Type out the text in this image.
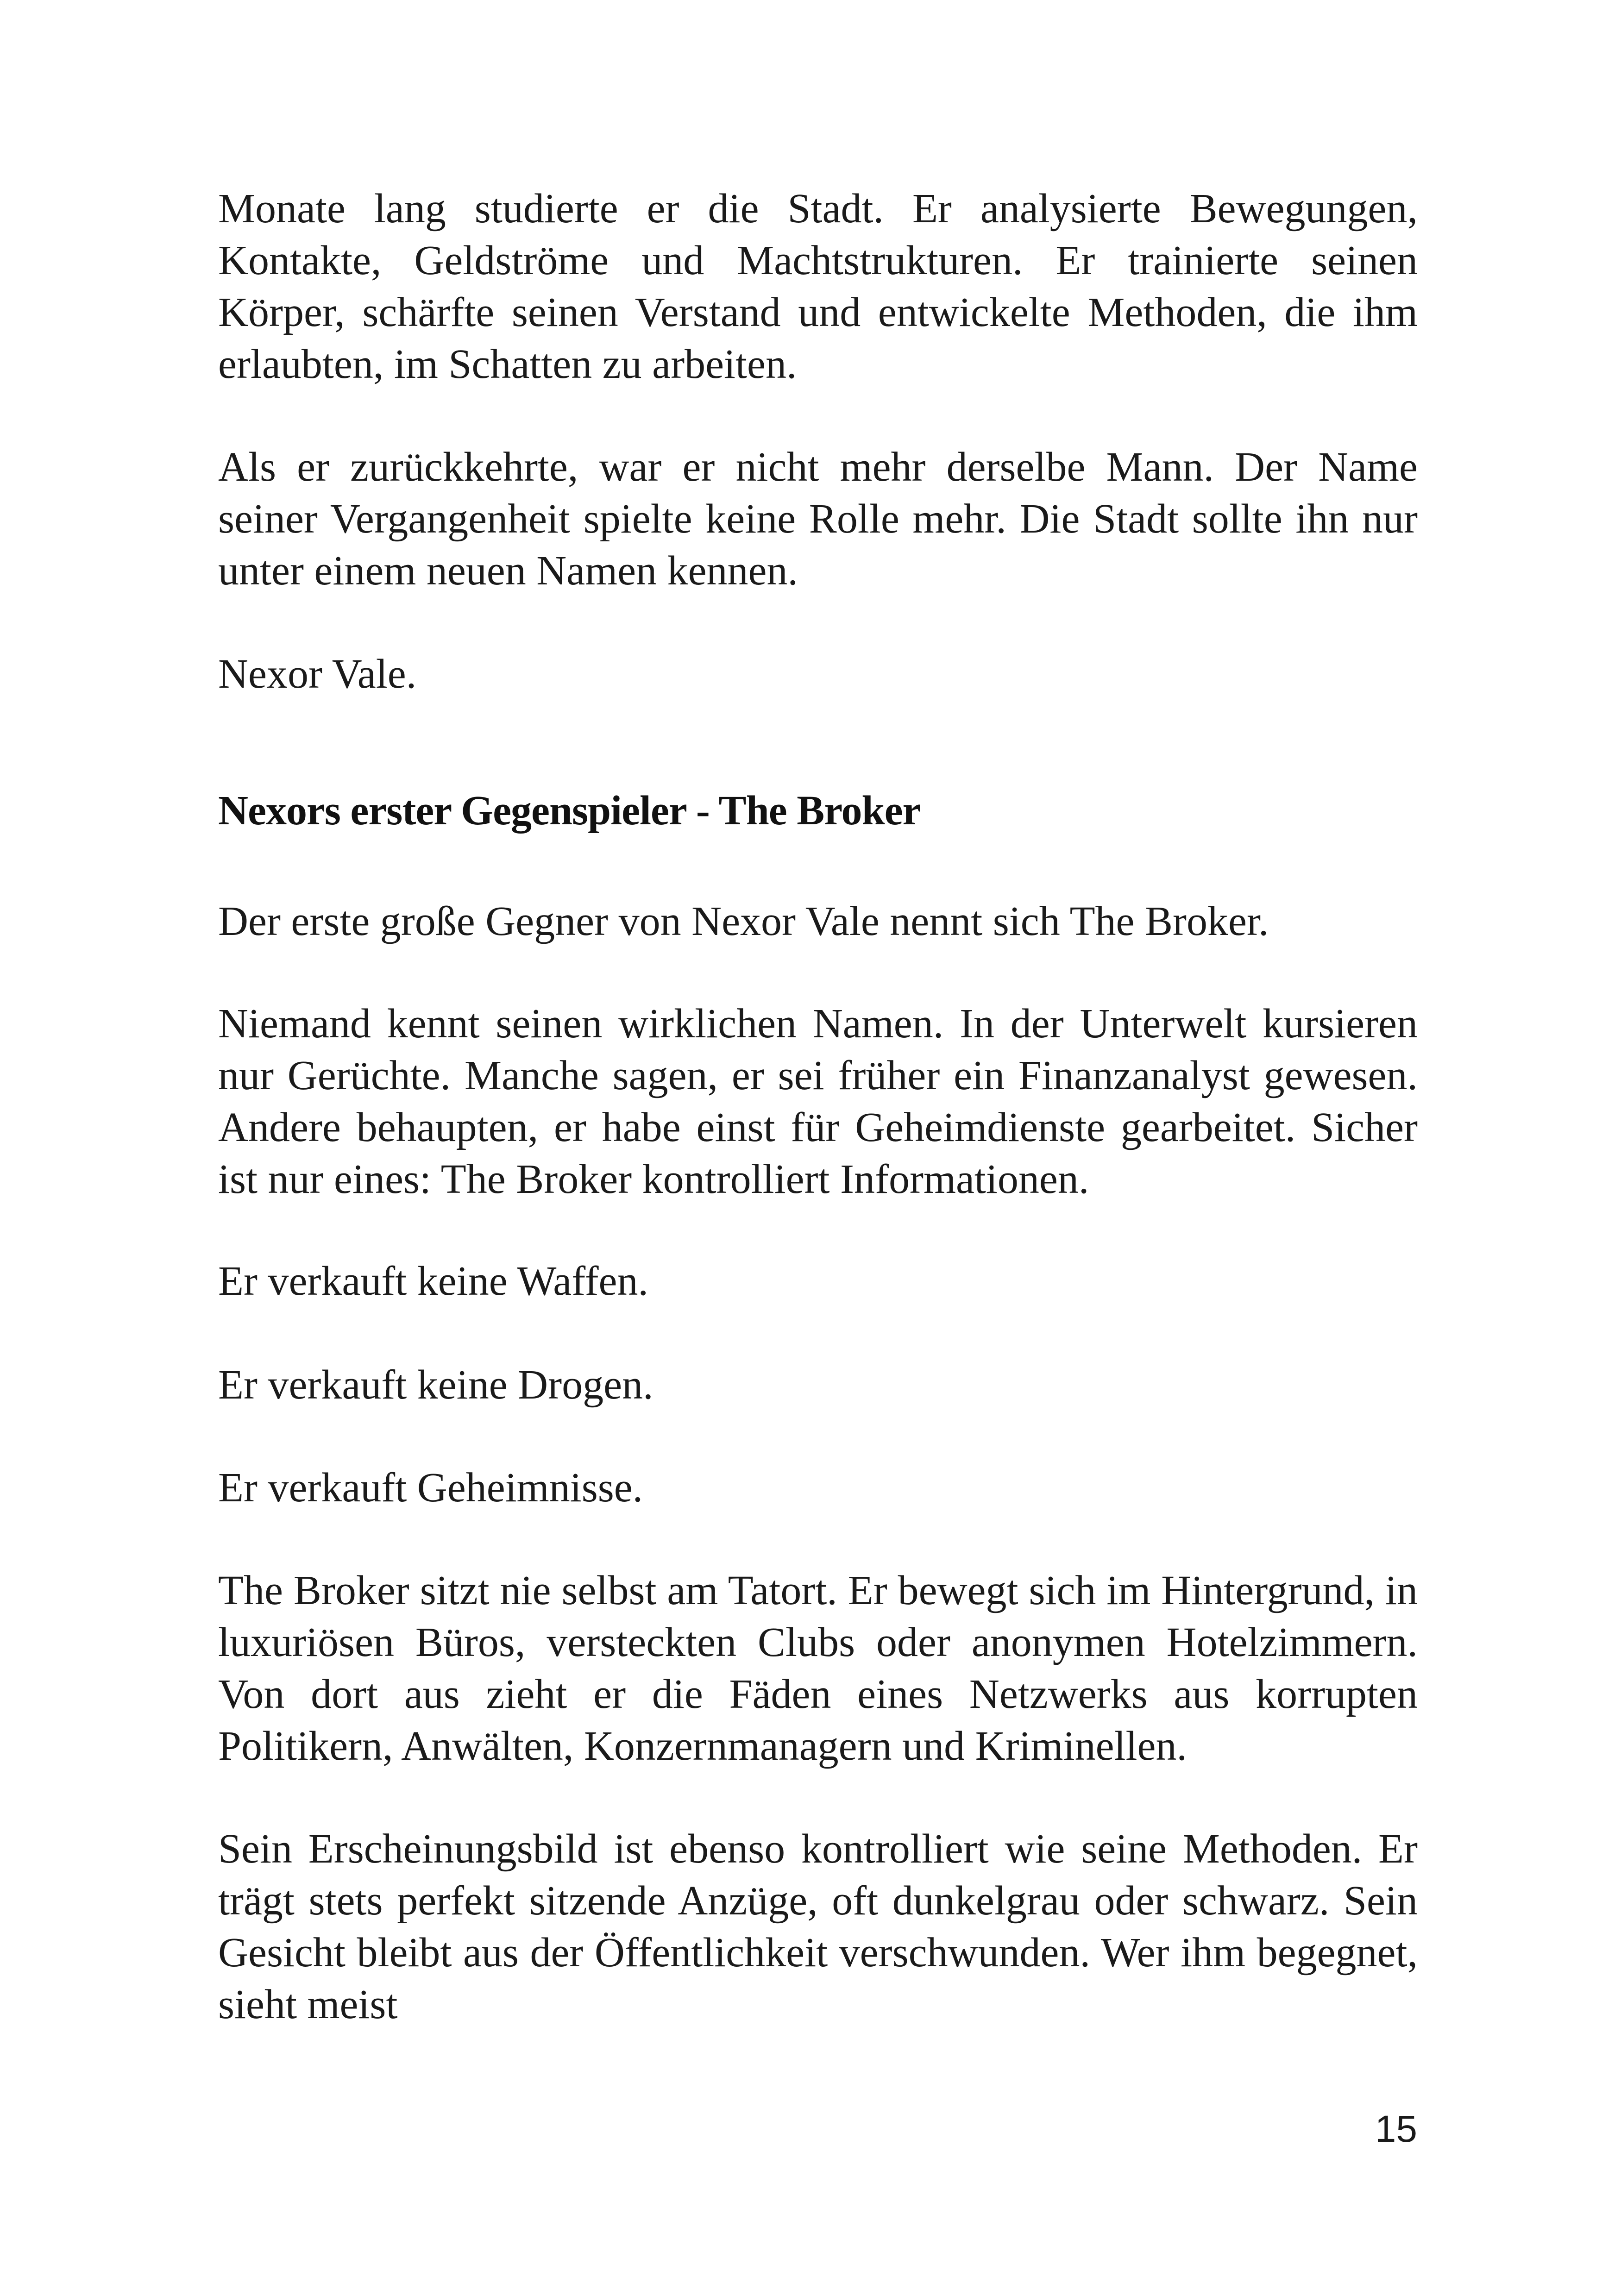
Monate lang studierte er die Stadt. Er analysierte Bewegungen, Kontakte, Geldströme und Machtstrukturen. Er trainierte seinen Körper, schärfte seinen Verstand und entwickelte Methoden, die ihm erlaubten, im Schatten zu arbeiten.

Als er zurückkehrte, war er nicht mehr derselbe Mann. Der Name seiner Vergangenheit spielte keine Rolle mehr. Die Stadt sollte ihn nur unter einem neuen Namen kennen.

Nexor Vale.

Nexors erster Gegenspieler - The Broker

Der erste große Gegner von Nexor Vale nennt sich The Broker.

Niemand kennt seinen wirklichen Namen. In der Unterwelt kursieren nur Gerüchte. Manche sagen, er sei früher ein Finanzanalyst gewesen. Andere behaupten, er habe einst für Geheimdienste gearbeitet. Sicher ist nur eines: The Broker kontrolliert Informationen.

Er verkauft keine Waffen.

Er verkauft keine Drogen.

Er verkauft Geheimnisse.

The Broker sitzt nie selbst am Tatort. Er bewegt sich im Hintergrund, in luxuriösen Büros, versteckten Clubs oder anonymen Hotelzimmern. Von dort aus zieht er die Fäden eines Netzwerks aus korrupten Politikern, Anwälten, Konzernmanagern und Kriminellen.

Sein Erscheinungsbild ist ebenso kontrolliert wie seine Methoden. Er trägt stets perfekt sitzende Anzüge, oft dunkelgrau oder schwarz. Sein Gesicht bleibt aus der Öffentlichkeit verschwunden. Wer ihm begegnet, sieht meist

15
